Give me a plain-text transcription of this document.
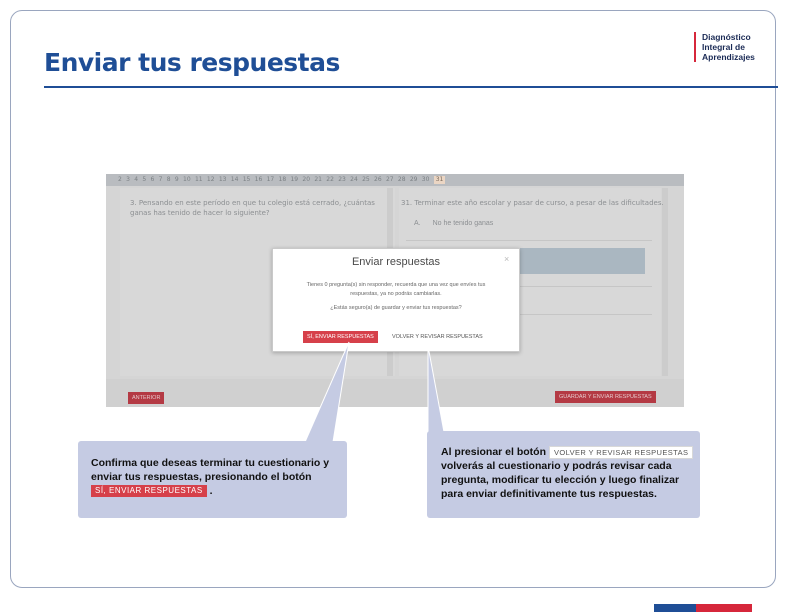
Enviar tus respuestas
Diagnóstico
Integral de
Aprendizajes
2 3 4 5 6 7 8 9 10 11 12 13 14 15 16 17 18 19 20 21 22 23 24 25 26 27 28 29 30	31
3. Pensando en este período en que tu colegio está cerrado, ¿cuántas
ganas has tenido de hacer lo siguiente?
31. Terminar este año escolar y pasar de curso, a pesar de las dificultades.
A. No he tenido ganas
ANTERIOR	GUARDAR Y ENVIAR RESPUESTAS
Enviar respuestas	×
Tienes 0 pregunta(s) sin responder, recuerda que una vez que envíes tus
respuestas, ya no podrás cambiarlas.
¿Estás seguro(a) de guardar y enviar tus respuestas?
SÍ, ENVIAR RESPUESTAS	VOLVER Y REVISAR RESPUESTAS

Confirma que deseas terminar tu cuestionario y enviar tus respuestas, presionando el botón
SÍ, ENVIAR RESPUESTAS .

Al presionar el botón VOLVER Y REVISAR RESPUESTAS volverás al cuestionario y podrás revisar cada pregunta, modificar tu elección y luego finalizar para enviar definitivamente tus respuestas.
